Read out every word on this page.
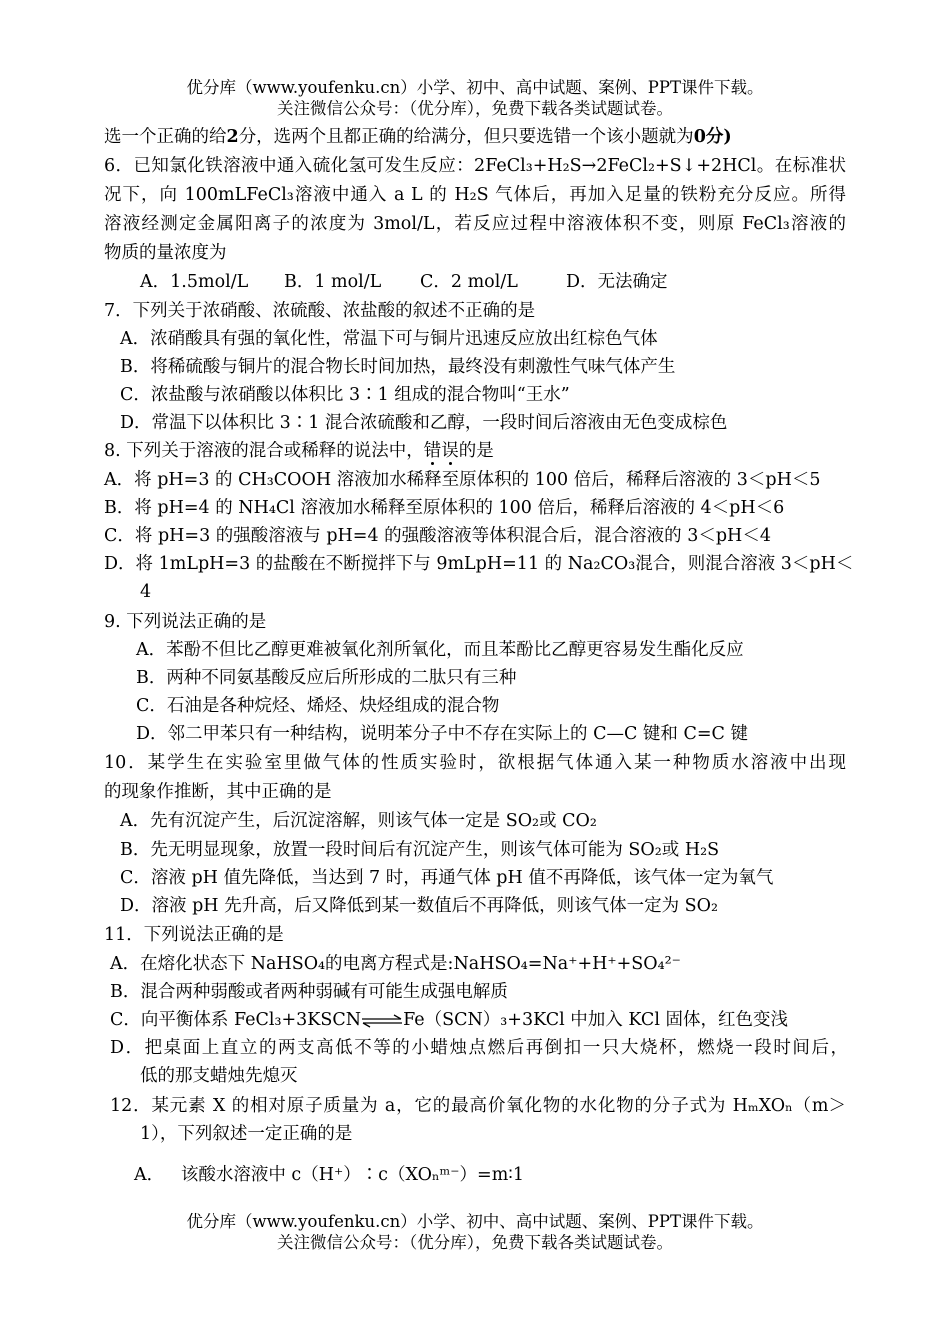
优分库（www.youfenku.cn）小学、初中、高中试题、案例、PPT课件下载。
关注微信公众号：（优分库），免费下载各类试题试卷。
选一个正确的给2分，选两个且都正确的给满分，但只要选错一个该小题就为0分)
6．已知氯化铁溶液中通入硫化氢可发生反应：2FeCl₃+H₂S→2FeCl₂+S↓+2HCl。在标准状
况下，向 100mLFeCl₃溶液中通入 a L 的 H₂S 气体后，再加入足量的铁粉充分反应。所得
溶液经测定金属阳离子的浓度为 3mol/L，若反应过程中溶液体积不变，则原 FeCl₃溶液的
物质的量浓度为
A．1.5mol/L B．1 mol/L C．2 mol/L	D．无法确定
7．下列关于浓硝酸、浓硫酸、浓盐酸的叙述不正确的是
A．浓硝酸具有强的氧化性，常温下可与铜片迅速反应放出红棕色气体
B．将稀硫酸与铜片的混合物长时间加热，最终没有刺激性气味气体产生
C．浓盐酸与浓硝酸以体积比 3∶1 组成的混合物叫“王水”
D．常温下以体积比 3∶1 混合浓硫酸和乙醇，一段时间后溶液由无色变成棕色
8. 下列关于溶液的混合或稀释的说法中，错误的是
A．将 pH=3 的 CH₃COOH 溶液加水稀释至原体积的 100 倍后，稀释后溶液的 3＜pH＜5
B．将 pH=4 的 NH₄Cl 溶液加水稀释至原体积的 100 倍后，稀释后溶液的 4＜pH＜6
C．将 pH=3 的强酸溶液与 pH=4 的强酸溶液等体积混合后，混合溶液的 3＜pH＜4
D．将 1mLpH=3 的盐酸在不断搅拌下与 9mLpH=11 的 Na₂CO₃混合，则混合溶液 3＜pH＜
4
9. 下列说法正确的是
A．苯酚不但比乙醇更难被氧化剂所氧化，而且苯酚比乙醇更容易发生酯化反应
B．两种不同氨基酸反应后所形成的二肽只有三种
C．石油是各种烷烃、烯烃、炔烃组成的混合物
D．邻二甲苯只有一种结构，说明苯分子中不存在实际上的 C—C 键和 C=C 键
10．某学生在实验室里做气体的性质实验时，欲根据气体通入某一种物质水溶液中出现
的现象作推断，其中正确的是
A．先有沉淀产生，后沉淀溶解，则该气体一定是 SO₂或 CO₂
B．先无明显现象，放置一段时间后有沉淀产生，则该气体可能为 SO₂或 H₂S
C．溶液 pH 值先降低，当达到 7 时，再通气体 pH 值不再降低，该气体一定为氧气
D．溶液 pH 先升高，后又降低到某一数值后不再降低，则该气体一定为 SO₂
11．下列说法正确的是
A．在熔化状态下 NaHSO₄的电离方程式是:NaHSO₄=Na⁺+H⁺+SO₄²⁻
B．混合两种弱酸或者两种弱碱有可能生成强电解质
C．向平衡体系 FeCl₃+3KSCN⇌Fe（SCN）₃+3KCl 中加入 KCl 固体，红色变浅
D．把桌面上直立的两支高低不等的小蜡烛点燃后再倒扣一只大烧杯，燃烧一段时间后，
低的那支蜡烛先熄灭
12．某元素 X 的相对原子质量为 a，它的最高价氧化物的水化物的分子式为 HₘXOₙ（m＞
1），下列叙述一定正确的是
A．   该酸水溶液中 c（H⁺）∶c（XOₙᵐ⁻）=m∶1
优分库（www.youfenku.cn）小学、初中、高中试题、案例、PPT课件下载。
关注微信公众号：（优分库），免费下载各类试题试卷。
